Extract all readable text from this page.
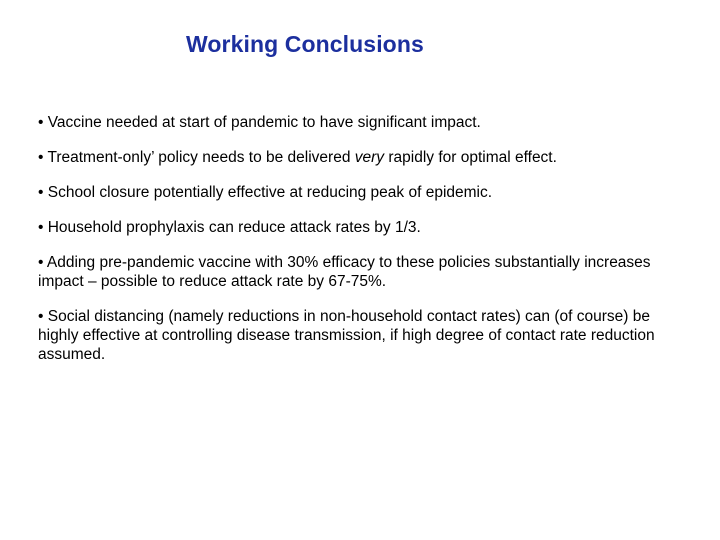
Working Conclusions

• Vaccine needed at start of pandemic to have significant impact.

• Treatment-only’ policy needs to be delivered very rapidly for optimal effect.

• School closure potentially effective at reducing peak of epidemic.

• Household prophylaxis can reduce attack rates by 1/3.

• Adding pre-pandemic vaccine with 30% efficacy to these policies substantially increases impact – possible to reduce attack rate by 67-75%.

• Social distancing (namely reductions in non-household contact rates) can (of course) be highly effective at controlling disease transmission, if high degree of contact rate reduction assumed.
